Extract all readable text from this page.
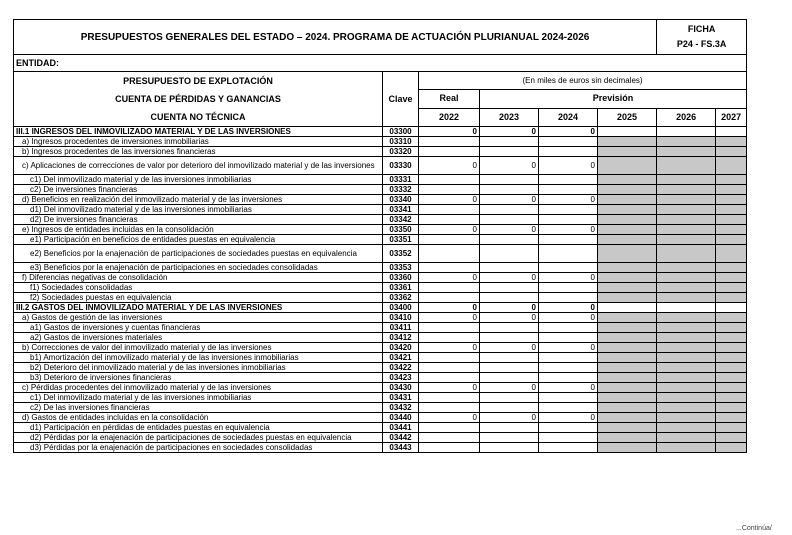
PRESUPUESTOS GENERALES DEL ESTADO – 2024. PROGRAMA DE ACTUACIÓN PLURIANUAL 2024-2026						FICHA
P24 - FS.3A	

ENTIDAD:							

PRESUPUESTO DE EXPLOTACIÓN
CUENTA DE PÉRDIDAS Y GANANCIAS
CUENTA NO TÉCNICA	Clave	(En miles de euros sin decimales)					
		Real	Previsión				
		2022	2023	2024	2025	2026	2027
III.1 INGRESOS DEL INMOVILIZADO MATERIAL Y DE LAS INVERSIONES	03300	0	0	0			
a) Ingresos procedentes de inversiones inmobiliarias	03310						
b) Ingresos procedentes de las inversiones financieras	03320						
c) Aplicaciones de correcciones de valor por deterioro del inmovilizado material y de las inversiones	03330	0	0	0			
c1) Del inmovilizado material y de las inversiones inmobiliarias	03331						
c2) De inversiones financieras	03332						
d) Beneficios en realización del inmovilizado material y de las inversiones	03340	0	0	0			
d1) Del inmovilizado material y de las inversiones inmobiliarias	03341						
d2) De inversiones financieras	03342						
e) Ingresos de entidades incluidas en la consolidación	03350	0	0	0			
e1) Participación en beneficios de entidades puestas en equivalencia	03351						
e2) Beneficios por la enajenación de participaciones de sociedades puestas en equivalencia	03352						
e3) Beneficios por la enajenación de participaciones en sociedades consolidadas	03353						
f) Diferencias negativas de consolidación	03360	0	0	0			
f1) Sociedades consolidadas	03361						
f2) Sociedades puestas en equivalencia	03362						
III.2 GASTOS DEL INMOVILIZADO MATERIAL Y DE LAS INVERSIONES	03400	0	0	0			
a) Gastos de gestión de las inversiones	03410	0	0	0			
a1) Gastos de inversiones y cuentas financieras	03411						
a2) Gastos de inversiones materiales	03412						
b) Correcciones de valor del inmovilizado material y de las inversiones	03420	0	0	0			
b1) Amortización del inmovilizado material y de las inversiones inmobiliarias	03421						
b2) Deterioro del inmovilizado material y de las inversiones inmobiliarias	03422						
b3) Deterioro de inversiones financieras	03423						
c) Pérdidas procedentes del inmovilizado material y de las inversiones	03430	0	0	0			
c1) Del inmovilizado material y de las inversiones inmobiliarias	03431						
c2) De las inversiones financieras	03432						
d) Gastos de entidades incluidas en la consolidación	03440	0	0	0			
d1) Participación en pérdidas de entidades puestas en equivalencia	03441						
d2) Pérdidas por la enajenación de participaciones de sociedades puestas en equivalencia	03442						
d3) Pérdidas por la enajenación de participaciones en sociedades consolidadas	03443						
...Continúa/
